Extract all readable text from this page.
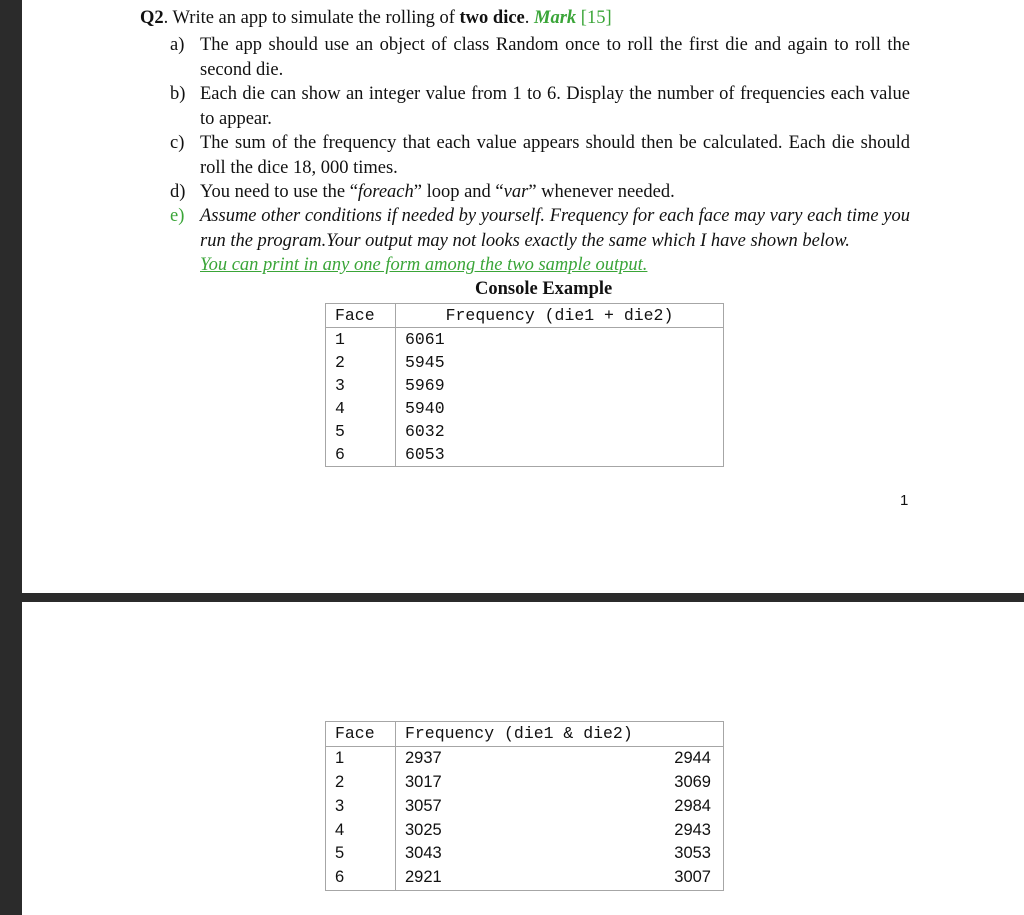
Q2. Write an app to simulate the rolling of two dice. Mark [15]
a) The app should use an object of class Random once to roll the first die and again to roll the second die.
b) Each die can show an integer value from 1 to 6. Display the number of frequencies each value to appear.
c) The sum of the frequency that each value appears should then be calculated. Each die should roll the dice 18, 000 times.
d) You need to use the “foreach” loop and “var” whenever needed.
e) Assume other conditions if needed by yourself. Frequency for each face may vary each time you run the program.Your output may not looks exactly the same which I have shown below.
You can print in any one form among the two sample output.
Console Example
Face	Frequency (die1 + die2)
1	6061
2	5945
3	5969
4	5940
5	6032
6	6053
1
Face	Frequency (die1 & die2)
1	2937 2944

2	3017 3069

3	3057 2984

4	3025 2943

5	3043 3053

6	2921 3007
